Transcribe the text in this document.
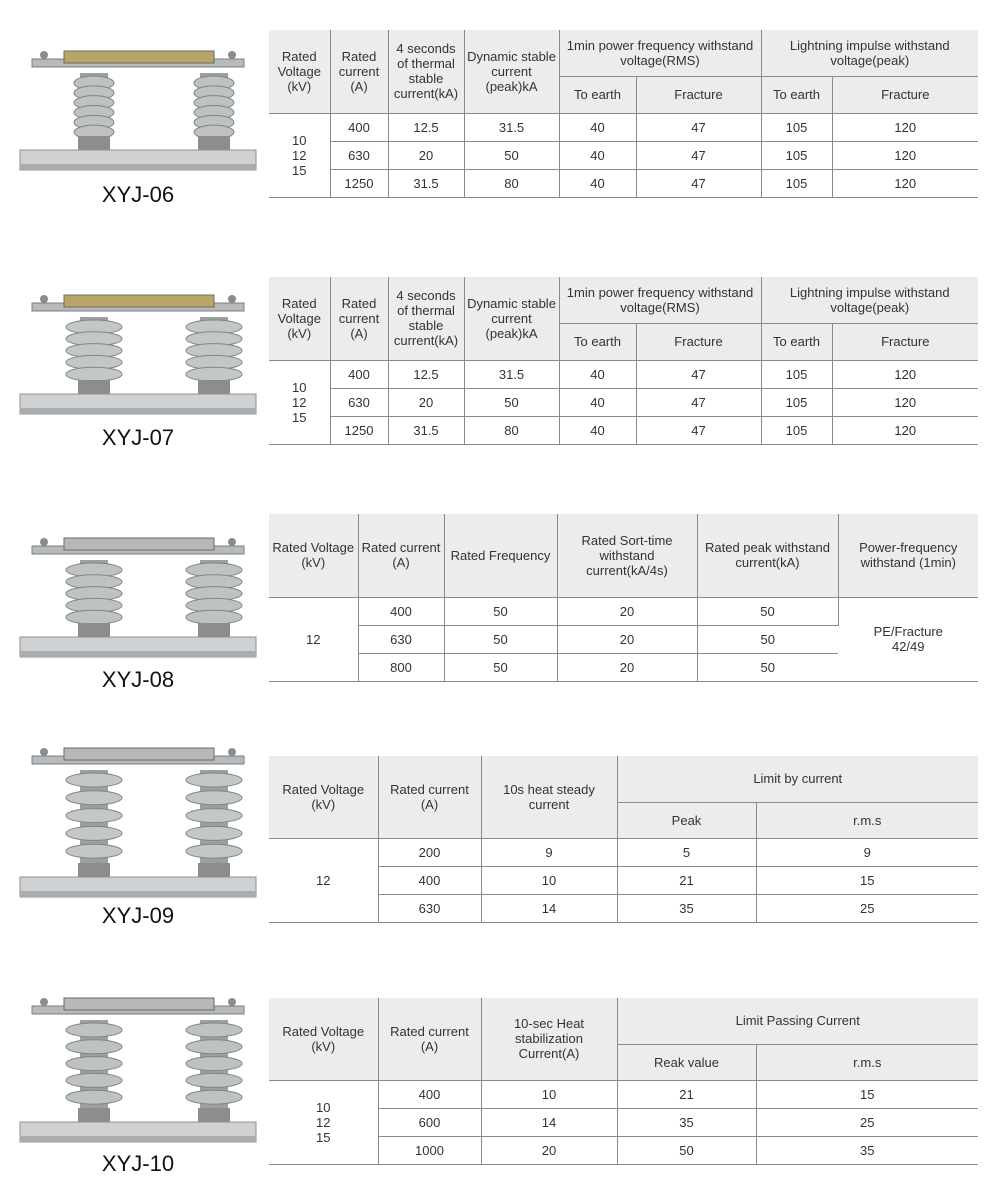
XYJ-06
Rated Voltage (kV)	Rated current (A)	4 seconds of thermal stable current(kA)	Dynamic stable current (peak)kA	1min power frequency withstand voltage(RMS)		Lightning impulse withstand voltage(peak)	
				To earth	Fracture	To earth	Fracture
10
12
15	400	12.5	31.5	40	47	105	120
	630	20	50	40	47	105	120
	1250	31.5	80	40	47	105	120
XYJ-07
Rated Voltage (kV)	Rated current (A)	4 seconds of thermal stable current(kA)	Dynamic stable current (peak)kA	1min power frequency withstand voltage(RMS)		Lightning impulse withstand voltage(peak)	
				To earth	Fracture	To earth	Fracture
10
12
15	400	12.5	31.5	40	47	105	120
	630	20	50	40	47	105	120
	1250	31.5	80	40	47	105	120
XYJ-08
Rated Voltage (kV)	Rated current (A)	Rated Frequency	Rated Sort-time withstand current(kA/4s)	Rated peak withstand current(kA)	Power-frequency withstand (1min)
12	400	50	20	50	PE/Fracture
42/49
	630	50	20	50	
	800	50	20	50	
XYJ-09
Rated Voltage (kV)	Rated current (A)	10s heat steady current	Limit by current	
			Peak	r.m.s
12	200	9	5	9
	400	10	21	15
	630	14	35	25
XYJ-10
Rated Voltage (kV)	Rated current (A)	10-sec Heat stabilization Current(A)	Limit Passing Current	
			Reak value	r.m.s
10
12
15	400	10	21	15
	600	14	35	25
	1000	20	50	35
